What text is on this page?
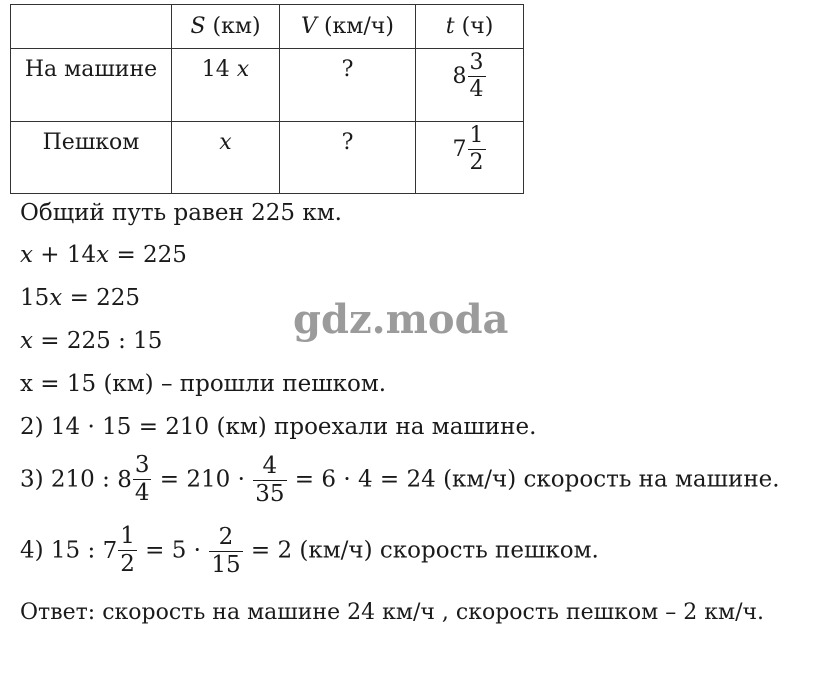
	S (км)	V (км/ч)	t (ч)

На машине	14 x	?	$8 \frac{3}{4}$

Пешком	x	?	$7 \frac{1}{2}$
Общий путь равен 225 км.
x + 14x = 225
15x = 225
x = 225 : 15	gdz.moda
x = 15 (км) – прошли пешком.
2) 14 · 15 = 210 (км) проехали на машине.
3) 210 : $8 \frac{3}{4} = 210 \cdot \frac{4}{35} = 6 \cdot 4 = 24$ (км/ч) скорость на машине.
4) 15 : $7 \frac{1}{2} = 5 \cdot \frac{2}{15} = 2$ (км/ч) скорость пешком.
Ответ: скорость на машине 24 км/ч , скорость пешком – 2 км/ч.
